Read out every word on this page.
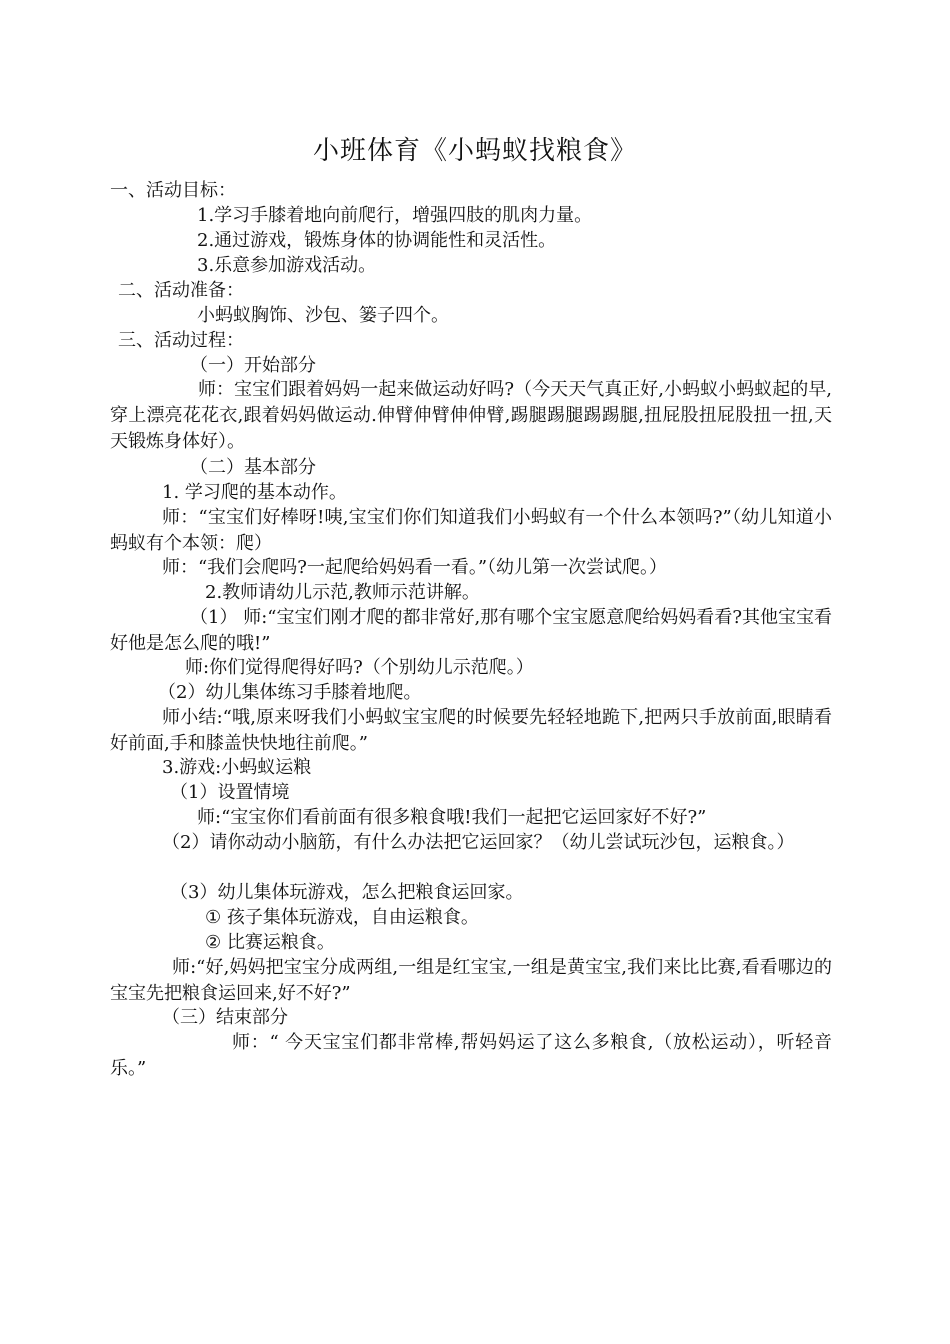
小班体育《小蚂蚁找粮食》
一、活动目标：
1.学习手膝着地向前爬行，增强四肢的肌肉力量。
2.通过游戏，锻炼身体的协调能性和灵活性。
3.乐意参加游戏活动。
二、活动准备：
小蚂蚁胸饰、沙包、篓子四个。
三、活动过程：
（一）开始部分
师：宝宝们跟着妈妈一起来做运动好吗?（今天天气真正好,小蚂蚁小蚂蚁起的早,穿上漂亮花花衣,跟着妈妈做运动.伸臂伸臂伸伸臂,踢腿踢腿踢踢腿,扭屁股扭屁股扭一扭,天天锻炼身体好）。
（二）基本部分
1. 学习爬的基本动作。
师：“宝宝们好棒呀!咦,宝宝们你们知道我们小蚂蚁有一个什么本领吗?”（幼儿知道小蚂蚁有个本领：爬）
师：“我们会爬吗?一起爬给妈妈看一看。”（幼儿第一次尝试爬。）
2.教师请幼儿示范,教师示范讲解。
（1） 师:“宝宝们刚才爬的都非常好,那有哪个宝宝愿意爬给妈妈看看?其他宝宝看好他是怎么爬的哦!”
师:你们觉得爬得好吗?（个别幼儿示范爬。）
（2）幼儿集体练习手膝着地爬。
师小结:“哦,原来呀我们小蚂蚁宝宝爬的时候要先轻轻地跪下,把两只手放前面,眼睛看好前面,手和膝盖快快地往前爬。”
3.游戏:小蚂蚁运粮
（1）设置情境
师:“宝宝你们看前面有很多粮食哦!我们一起把它运回家好不好?”
（2）请你动动小脑筋，有什么办法把它运回家？（幼儿尝试玩沙包，运粮食。）
（3）幼儿集体玩游戏，怎么把粮食运回家。
① 孩子集体玩游戏，自由运粮食。
② 比赛运粮食。
师:“好,妈妈把宝宝分成两组,一组是红宝宝,一组是黄宝宝,我们来比比赛,看看哪边的宝宝先把粮食运回来,好不好?”
（三）结束部分
师：“ 今天宝宝们都非常棒,帮妈妈运了这么多粮食,（放松运动），听轻音乐。”
